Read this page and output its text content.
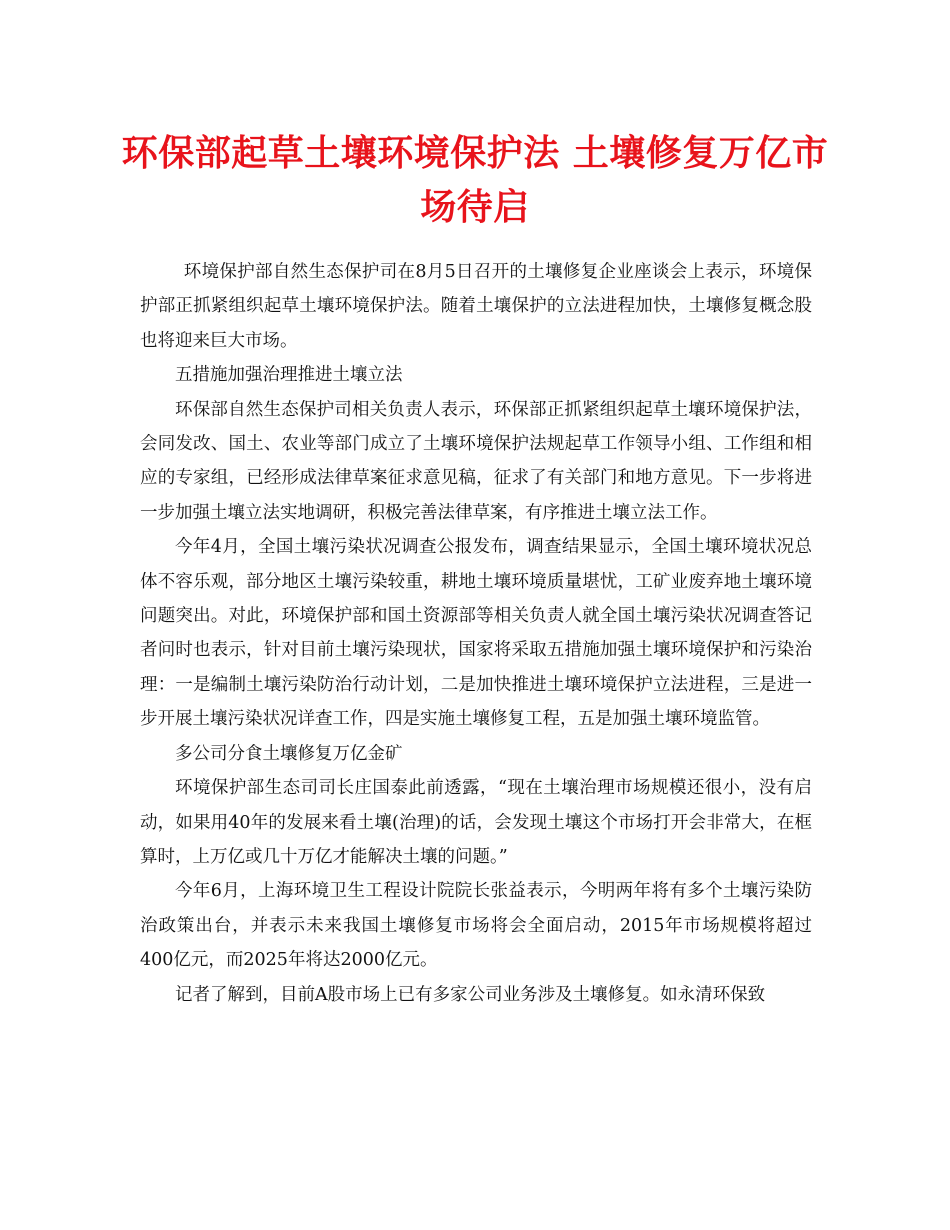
环保部起草土壤环境保护法 土壤修复万亿市场待启

环境保护部自然生态保护司在8月5日召开的土壤修复企业座谈会上表示，环境保护部正抓紧组织起草土壤环境保护法。随着土壤保护的立法进程加快，土壤修复概念股也将迎来巨大市场。

五措施加强治理推进土壤立法

环保部自然生态保护司相关负责人表示，环保部正抓紧组织起草土壤环境保护法，会同发改、国土、农业等部门成立了土壤环境保护法规起草工作领导小组、工作组和相应的专家组，已经形成法律草案征求意见稿，征求了有关部门和地方意见。下一步将进一步加强土壤立法实地调研，积极完善法律草案，有序推进土壤立法工作。

今年4月，全国土壤污染状况调查公报发布，调查结果显示，全国土壤环境状况总体不容乐观，部分地区土壤污染较重，耕地土壤环境质量堪忧，工矿业废弃地土壤环境问题突出。对此，环境保护部和国土资源部等相关负责人就全国土壤污染状况调查答记者问时也表示，针对目前土壤污染现状，国家将采取五措施加强土壤环境保护和污染治理：一是编制土壤污染防治行动计划，二是加快推进土壤环境保护立法进程，三是进一步开展土壤污染状况详查工作，四是实施土壤修复工程，五是加强土壤环境监管。

多公司分食土壤修复万亿金矿

环境保护部生态司司长庄国泰此前透露，“现在土壤治理市场规模还很小，没有启动，如果用40年的发展来看土壤(治理)的话，会发现土壤这个市场打开会非常大，在框算时，上万亿或几十万亿才能解决土壤的问题。”

今年6月，上海环境卫生工程设计院院长张益表示，今明两年将有多个土壤污染防治政策出台，并表示未来我国土壤修复市场将会全面启动，2015年市场规模将超过400亿元，而2025年将达2000亿元。

记者了解到，目前A股市场上已有多家公司业务涉及土壤修复。如永清环保致
